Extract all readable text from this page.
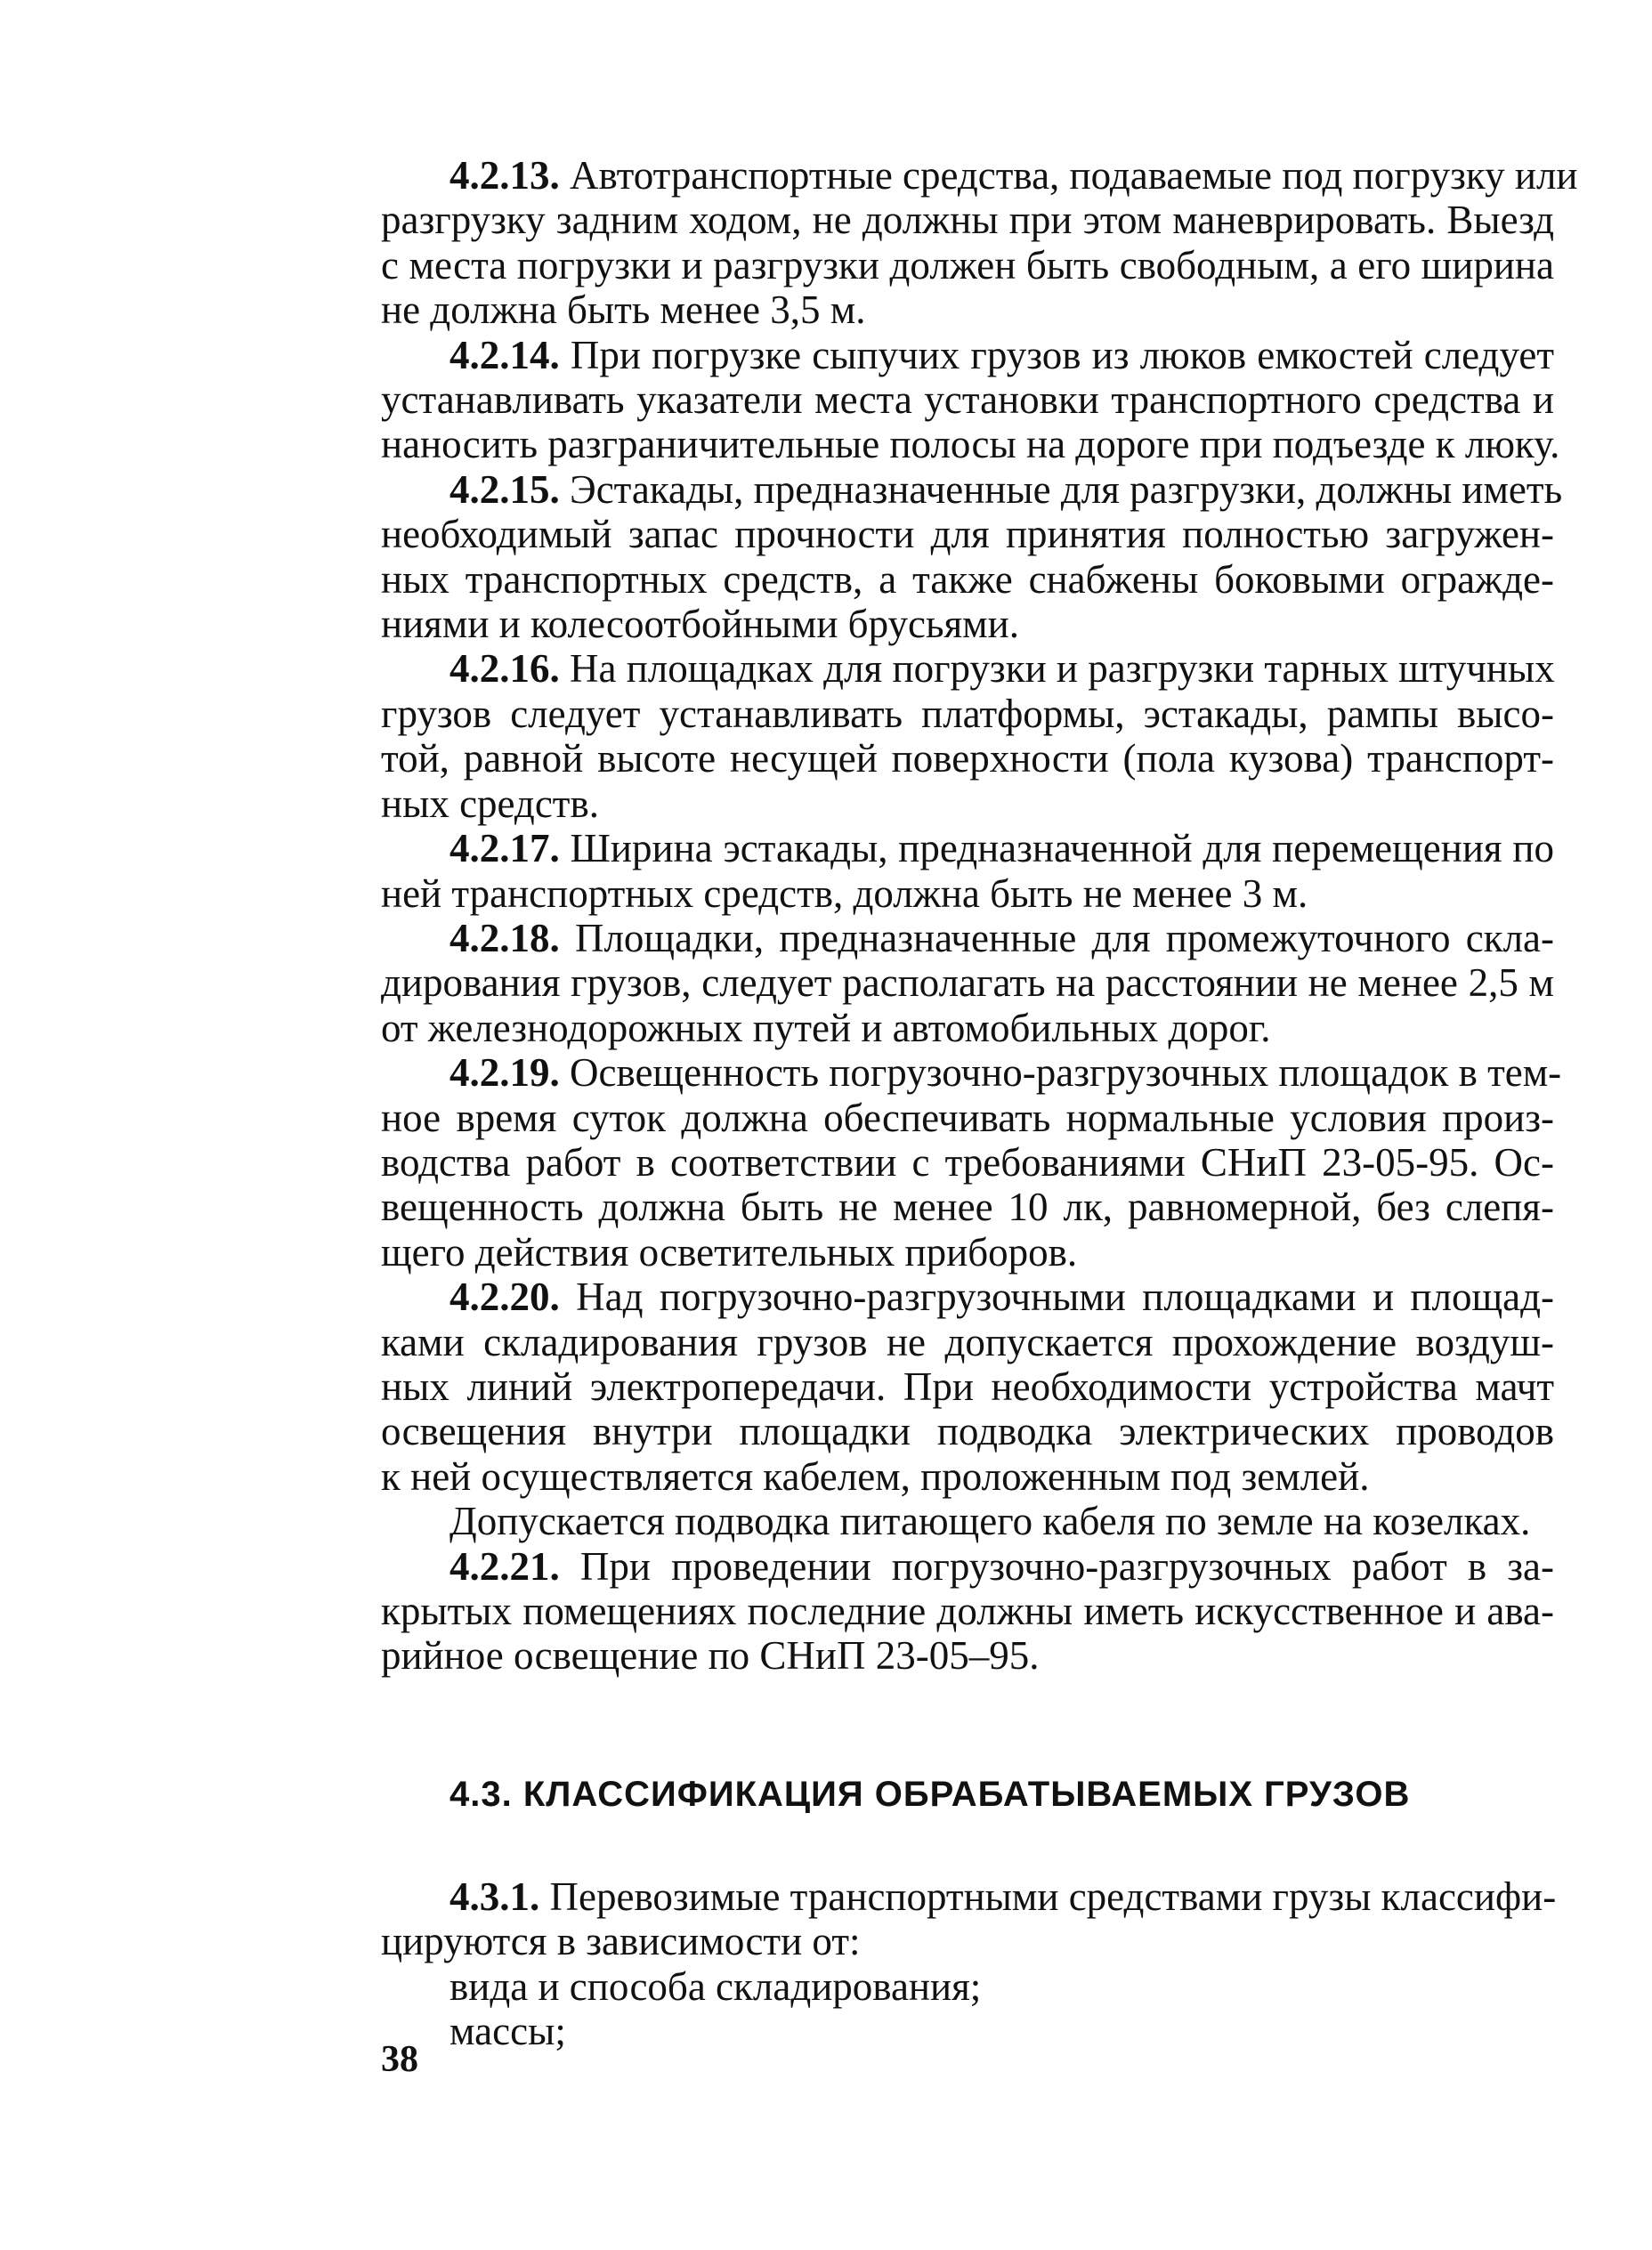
4.2.13. Автотранспортные средства, подаваемые под погрузку или
разгрузку задним ходом, не должны при этом маневрировать. Выезд
с места погрузки и разгрузки должен быть свободным, а его ширина
не должна быть менее 3,5 м.
4.2.14. При погрузке сыпучих грузов из люков емкостей следует
устанавливать указатели места установки транспортного средства и
наносить разграничительные полосы на дороге при подъезде к люку.
4.2.15. Эстакады, предназначенные для разгрузки, должны иметь
необходимый запас прочности для принятия полностью загружен-
ных транспортных средств, а также снабжены боковыми огражде-
ниями и колесоотбойными брусьями.
4.2.16. На площадках для погрузки и разгрузки тарных штучных
грузов следует устанавливать платформы, эстакады, рампы высо-
той, равной высоте несущей поверхности (пола кузова) транспорт-
ных средств.
4.2.17. Ширина эстакады, предназначенной для перемещения по
ней транспортных средств, должна быть не менее 3 м.
4.2.18. Площадки, предназначенные для промежуточного скла-
дирования грузов, следует располагать на расстоянии не менее 2,5 м
от железнодорожных путей и автомобильных дорог.
4.2.19. Освещенность погрузочно-разгрузочных площадок в тем-
ное время суток должна обеспечивать нормальные условия произ-
водства работ в соответствии с требованиями СНиП 23-05-95. Ос-
вещенность должна быть не менее 10 лк, равномерной, без слепя-
щего действия осветительных приборов.
4.2.20. Над погрузочно-разгрузочными площадками и площад-
ками складирования грузов не допускается прохождение воздуш-
ных линий электропередачи. При необходимости устройства мачт
освещения внутри площадки подводка электрических проводов
к ней осуществляется кабелем, проложенным под землей.
Допускается подводка питающего кабеля по земле на козелках.
4.2.21. При проведении погрузочно-разгрузочных работ в за-
крытых помещениях последние должны иметь искусственное и ава-
рийное освещение по СНиП 23-05–95.
4.3. КЛАССИФИКАЦИЯ ОБРАБАТЫВАЕМЫХ ГРУЗОВ
4.3.1. Перевозимые транспортными средствами грузы классифи-
цируются в зависимости от:
вида и способа складирования;
массы;
38
